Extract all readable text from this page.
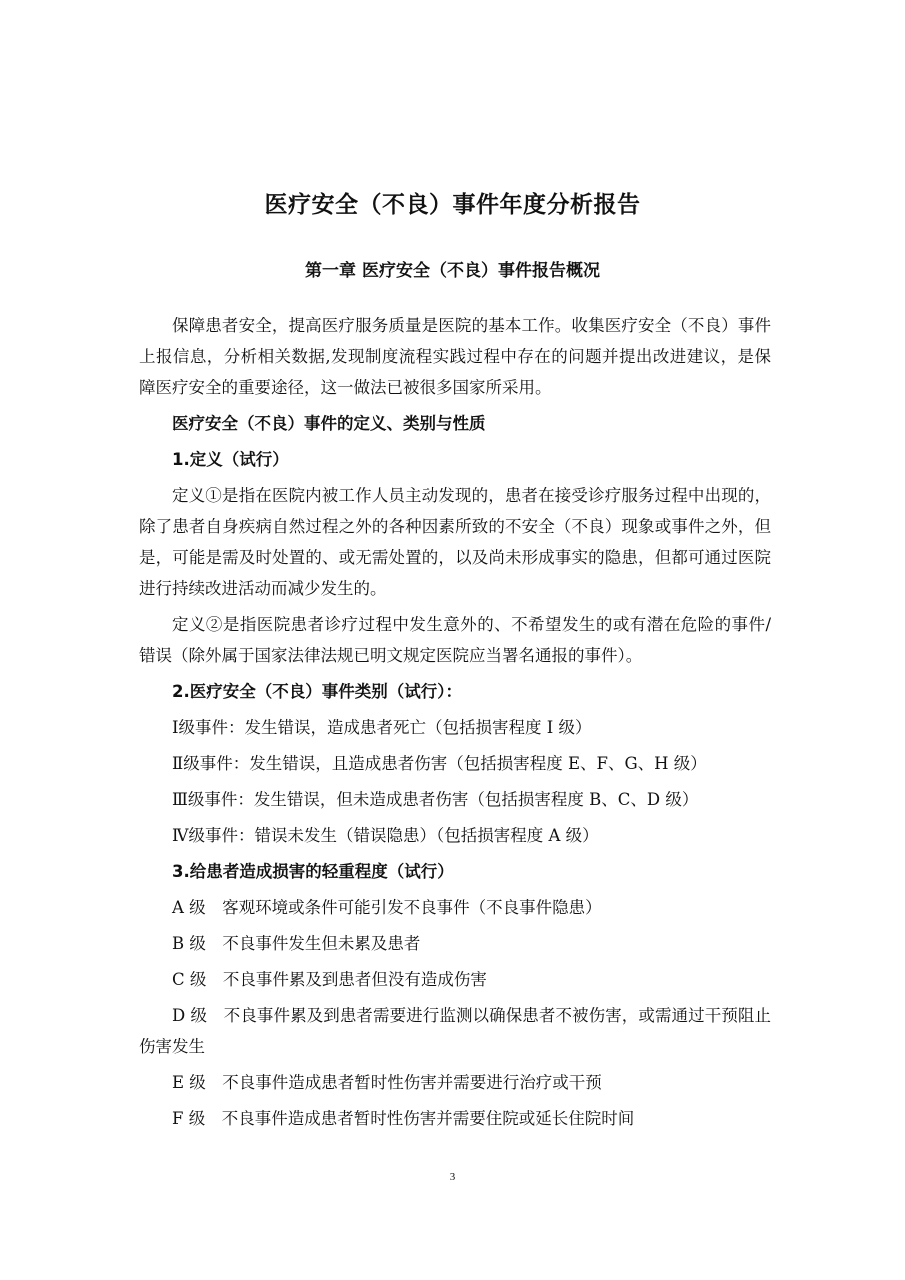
医疗安全（不良）事件年度分析报告
第一章 医疗安全（不良）事件报告概况

保障患者安全，提高医疗服务质量是医院的基本工作。收集医疗安全（不良）事件上报信息，分析相关数据,发现制度流程实践过程中存在的问题并提出改进建议，是保障医疗安全的重要途径，这一做法已被很多国家所采用。

医疗安全（不良）事件的定义、类别与性质

1.定义（试行）

定义①是指在医院内被工作人员主动发现的，患者在接受诊疗服务过程中出现的，除了患者自身疾病自然过程之外的各种因素所致的不安全（不良）现象或事件之外，但是，可能是需及时处置的、或无需处置的，以及尚未形成事实的隐患，但都可通过医院进行持续改进活动而减少发生的。

定义②是指医院患者诊疗过程中发生意外的、不希望发生的或有潜在危险的事件/错误（除外属于国家法律法规已明文规定医院应当署名通报的事件）。

2.医疗安全（不良）事件类别（试行）：

Ⅰ级事件：发生错误，造成患者死亡（包括损害程度 I 级）

Ⅱ级事件：发生错误，且造成患者伤害（包括损害程度 E、F、G、H 级）

Ⅲ级事件：发生错误，但未造成患者伤害（包括损害程度 B、C、D 级）

Ⅳ级事件：错误未发生（错误隐患）（包括损害程度 A 级）

3.给患者造成损害的轻重程度（试行）

A 级　客观环境或条件可能引发不良事件（不良事件隐患）

B 级　不良事件发生但未累及患者

C 级　不良事件累及到患者但没有造成伤害

D 级　不良事件累及到患者需要进行监测以确保患者不被伤害，或需通过干预阻止伤害发生

E 级　不良事件造成患者暂时性伤害并需要进行治疗或干预

F 级　不良事件造成患者暂时性伤害并需要住院或延长住院时间

3
